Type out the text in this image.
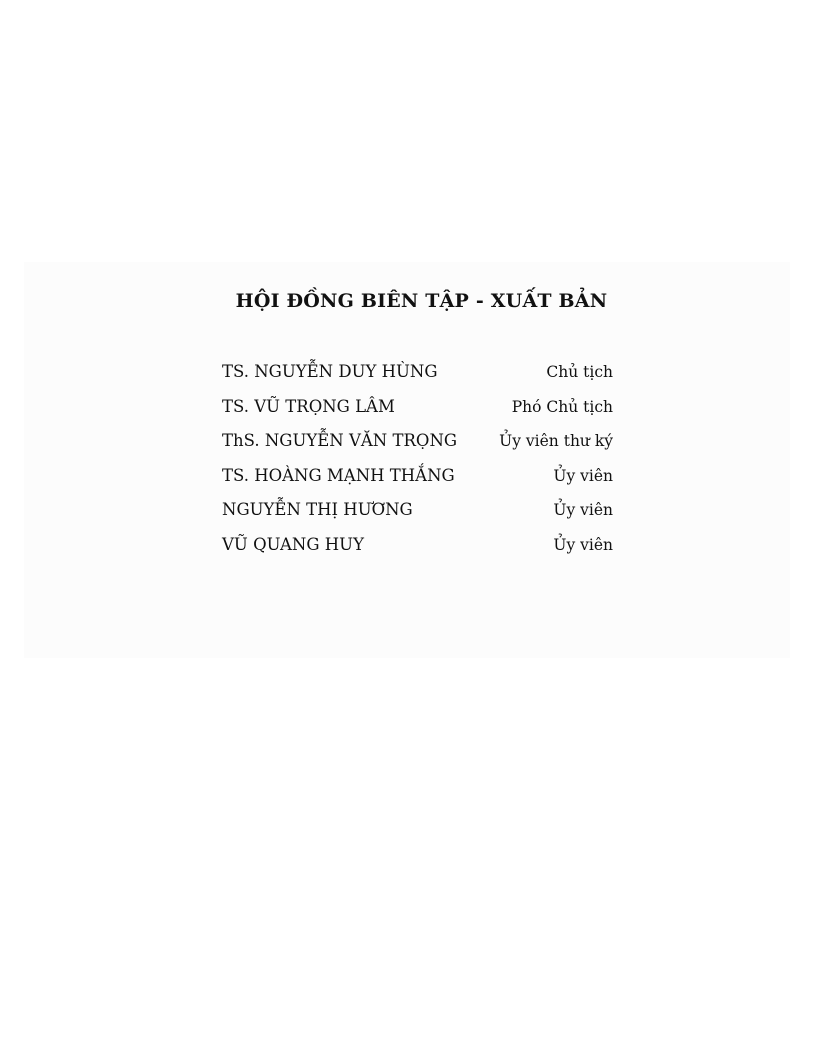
HỘI ĐỒNG BIÊN TẬP - XUẤT BẢN
TS. NGUYỄN DUY HÙNG	Chủ tịch
TS. VŨ TRỌNG LÂM	Phó Chủ tịch
ThS. NGUYỄN VĂN TRỌNG	Ủy viên thư ký
TS. HOÀNG MẠNH THẮNG	Ủy viên
NGUYỄN THỊ HƯƠNG	Ủy viên
VŨ QUANG HUY	Ủy viên
